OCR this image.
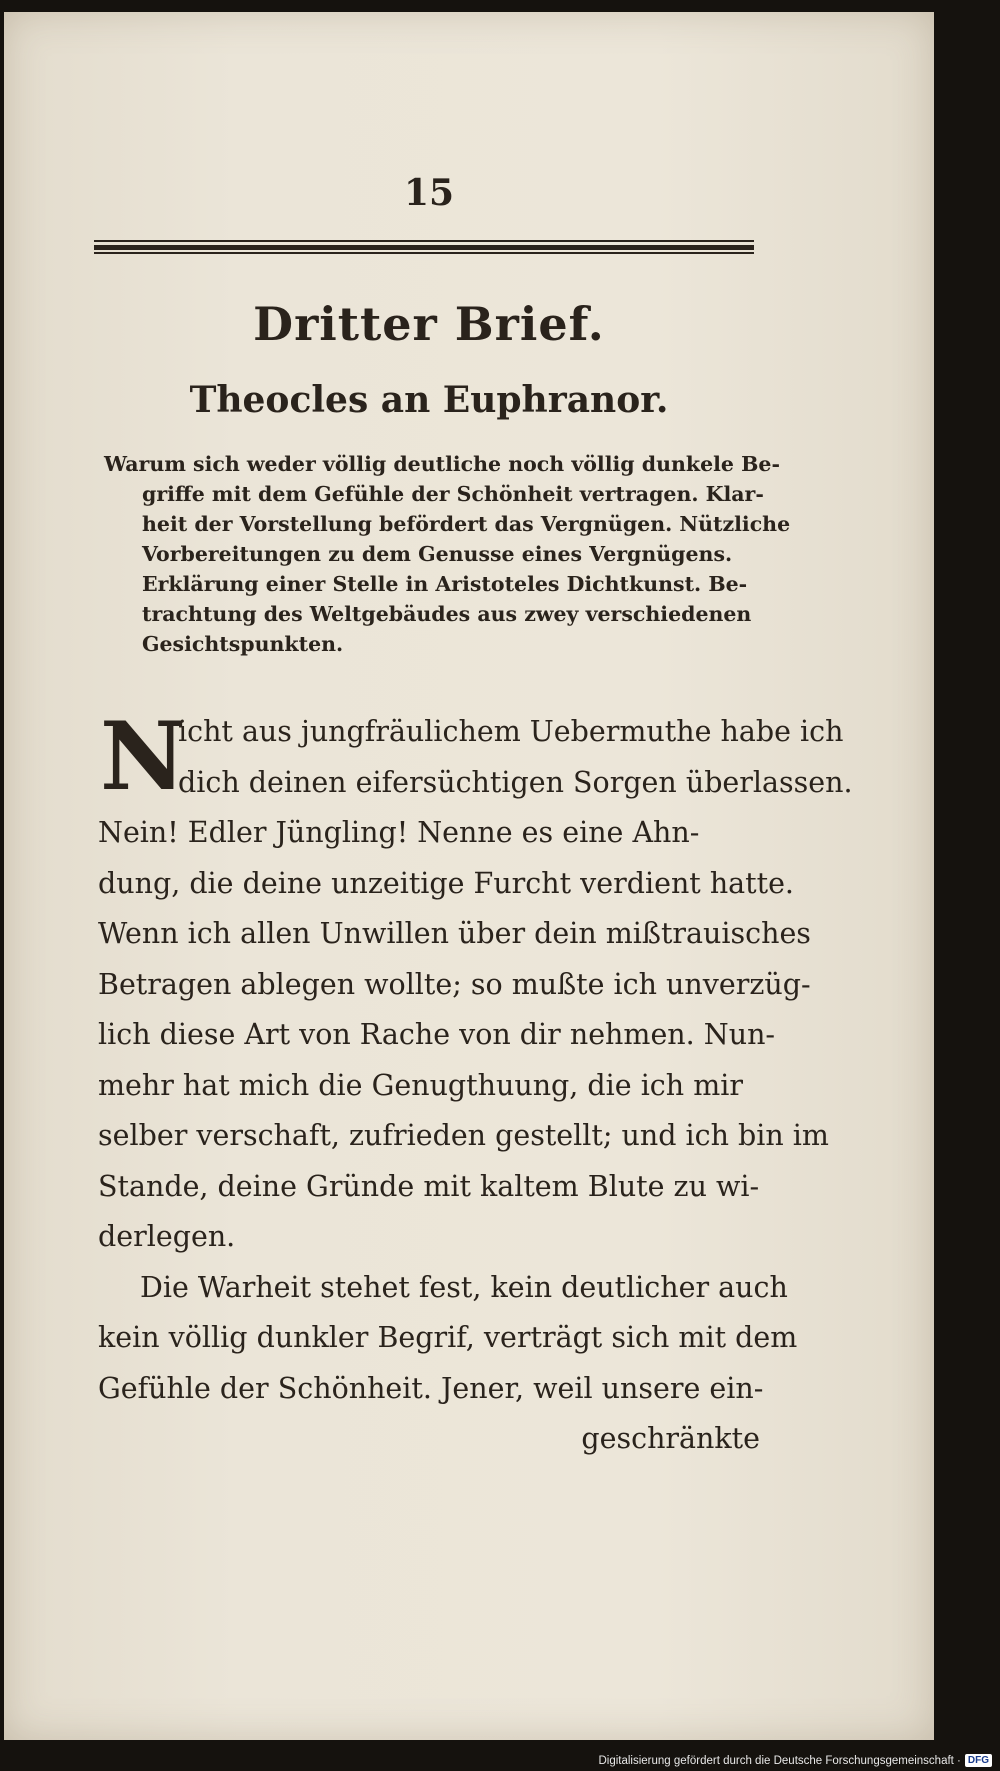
15
Dritter Brief.
Theocles an Euphranor.
Warum sich weder völlig deutliche noch völlig dunkele Be-
griffe mit dem Gefühle der Schönheit vertragen. Klar-
heit der Vorstellung befördert das Vergnügen. Nützliche
Vorbereitungen zu dem Genusse eines Vergnügens.
Erklärung einer Stelle in Aristoteles Dichtkunst. Be-
trachtung des Weltgebäudes aus zwey verschiedenen
Gesichtspunkten.
N
icht aus jungfräulichem Uebermuthe habe ich
dich deinen eifersüchtigen Sorgen überlassen.
Nein! Edler Jüngling! Nenne es eine Ahn-
dung, die deine unzeitige Furcht verdient hatte.
Wenn ich allen Unwillen über dein mißtrauisches
Betragen ablegen wollte; so mußte ich unverzüg-
lich diese Art von Rache von dir nehmen. Nun-
mehr hat mich die Genugthuung, die ich mir
selber verschaft, zufrieden gestellt; und ich bin im
Stande, deine Gründe mit kaltem Blute zu wi-
derlegen.
Die Warheit stehet fest, kein deutlicher auch
kein völlig dunkler Begrif, verträgt sich mit dem
Gefühle der Schönheit. Jener, weil unsere ein-
geschränkte
Digitalisierung gefördert durch die Deutsche Forschungsgemeinschaft · DFG
